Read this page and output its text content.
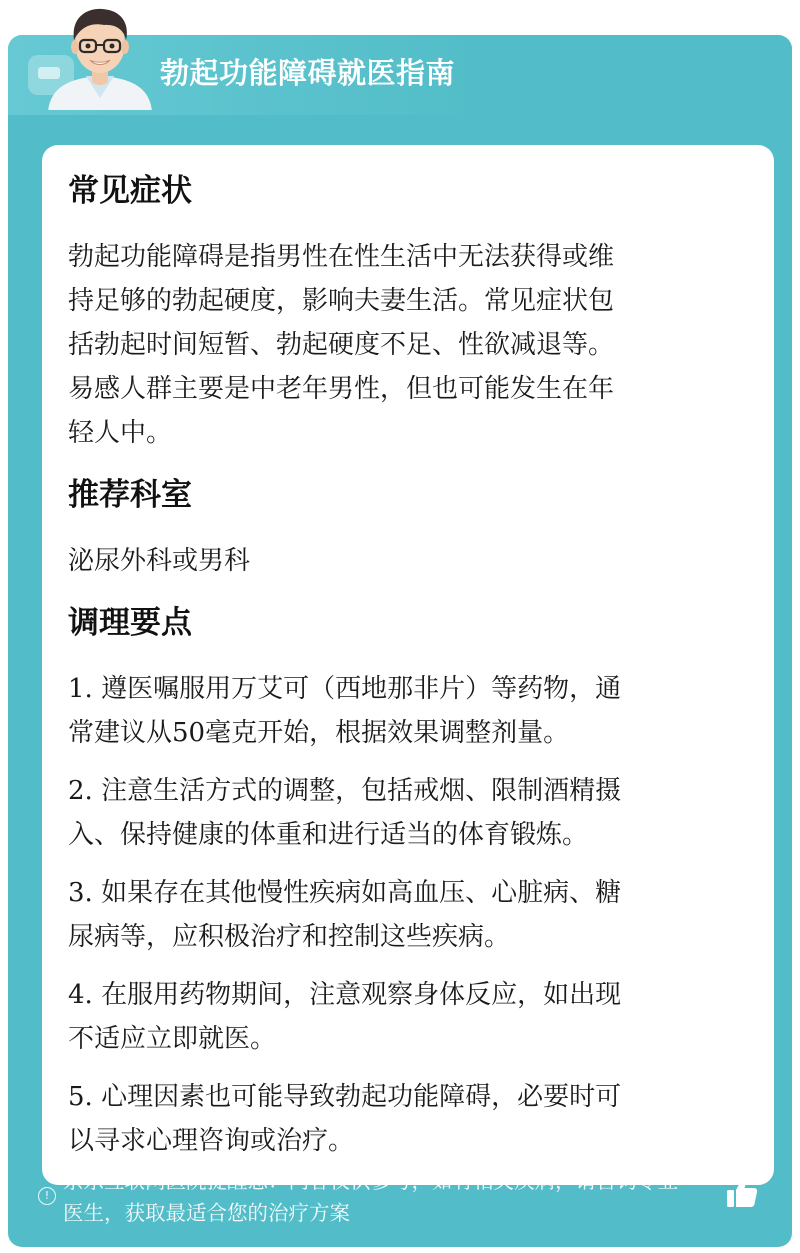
勃起功能障碍就医指南
常见症状

勃起功能障碍是指男性在性生活中无法获得或维

持足够的勃起硬度，影响夫妻生活。常见症状包

括勃起时间短暂、勃起硬度不足、性欲减退等。

易感人群主要是中老年男性，但也可能发生在年

轻人中。

推荐科室

泌尿外科或男科

调理要点

1. 遵医嘱服用万艾可（西地那非片）等药物，通

常建议从50毫克开始，根据效果调整剂量。

2. 注意生活方式的调整，包括戒烟、限制酒精摄

入、保持健康的体重和进行适当的体育锻炼。

3. 如果存在其他慢性疾病如高血压、心脏病、糖

尿病等，应积极治疗和控制这些疾病。

4. 在服用药物期间，注意观察身体反应，如出现

不适应立即就医。

5. 心理因素也可能导致勃起功能障碍，必要时可

以寻求心理咨询或治疗。

!
京东互联网医院提醒您：内容仅供参考，如有相关疾病，请咨询专业
医生，获取最适合您的治疗方案
